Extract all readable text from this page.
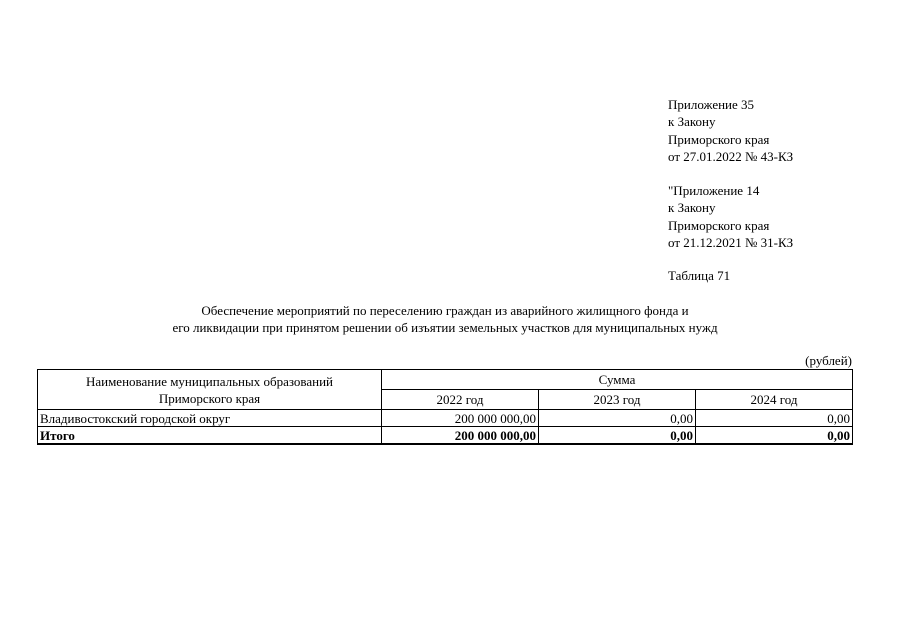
Приложение 35
к Закону
Приморского края
от 27.01.2022 № 43-КЗ
"Приложение 14
к Закону
Приморского края
от 21.12.2021 № 31-КЗ
Таблица 71
Обеспечение мероприятий по переселению граждан из аварийного жилищного фонда и
его ликвидации при принятом решении об изъятии земельных участков для муниципальных нужд
(рублей)
Наименование муниципальных образований
Приморского края	Сумма		
	2022 год	2023 год	2024 год
Владивостокский городской округ	200 000 000,00	0,00	0,00
Итого	200 000 000,00	0,00	0,00
